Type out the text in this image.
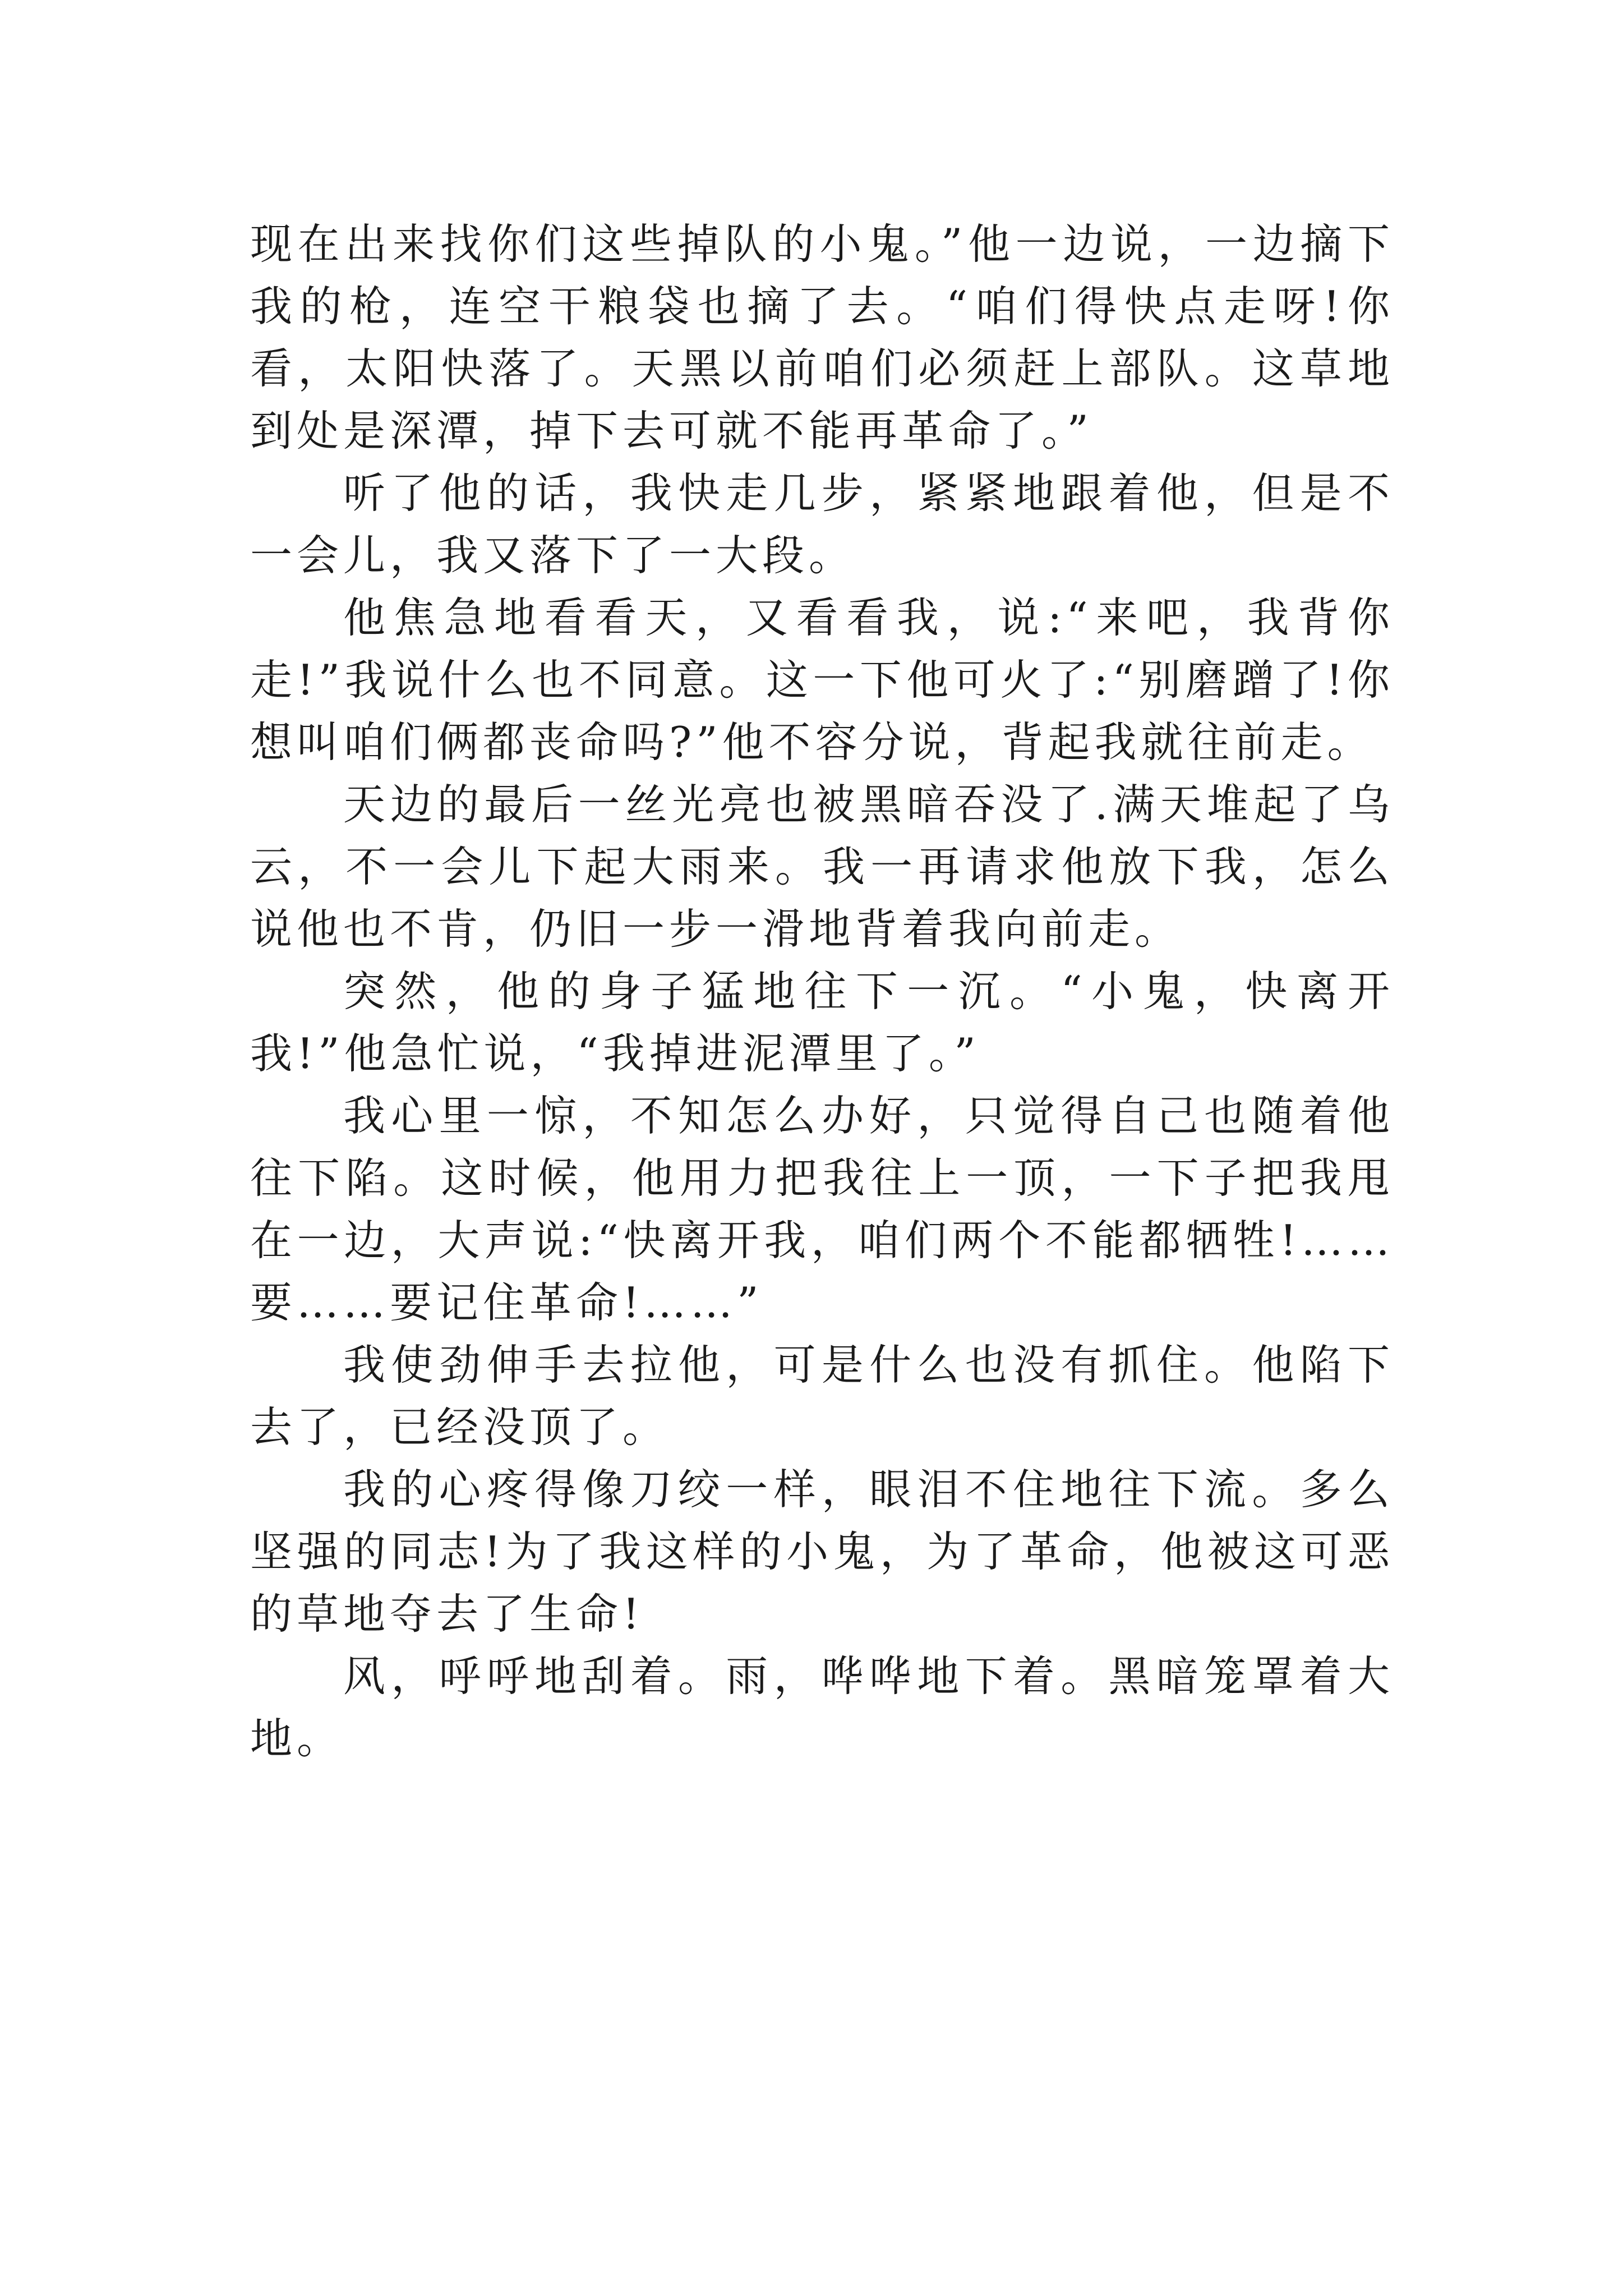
现在出来找你们这些掉队的小鬼。”他一边说，一边摘下我的枪，连空干粮袋也摘了去。“咱们得快点走呀!你看，太阳快落了。天黑以前咱们必须赶上部队。这草地到处是深潭，掉下去可就不能再革命了。”

听了他的话，我快走几步，紧紧地跟着他，但是不一会儿，我又落下了一大段。

他焦急地看看天，又看看我，说:“来吧，我背你走!”我说什么也不同意。这一下他可火了:“别磨蹭了!你想叫咱们俩都丧命吗?”他不容分说，背起我就往前走。

天边的最后一丝光亮也被黑暗吞没了.满天堆起了乌云，不一会儿下起大雨来。我一再请求他放下我，怎么说他也不肯，仍旧一步一滑地背着我向前走。

突然，他的身子猛地往下一沉。“小鬼，快离开我!”他急忙说，“我掉进泥潭里了。”

我心里一惊，不知怎么办好，只觉得自己也随着他往下陷。这时候，他用力把我往上一顶，一下子把我甩在一边，大声说:“快离开我，咱们两个不能都牺牲!……要……要记住革命!……”

我使劲伸手去拉他，可是什么也没有抓住。他陷下去了，已经没顶了。

我的心疼得像刀绞一样，眼泪不住地往下流。多么坚强的同志!为了我这样的小鬼，为了革命，他被这可恶的草地夺去了生命!

风，呼呼地刮着。雨，哗哗地下着。黑暗笼罩着大地。
